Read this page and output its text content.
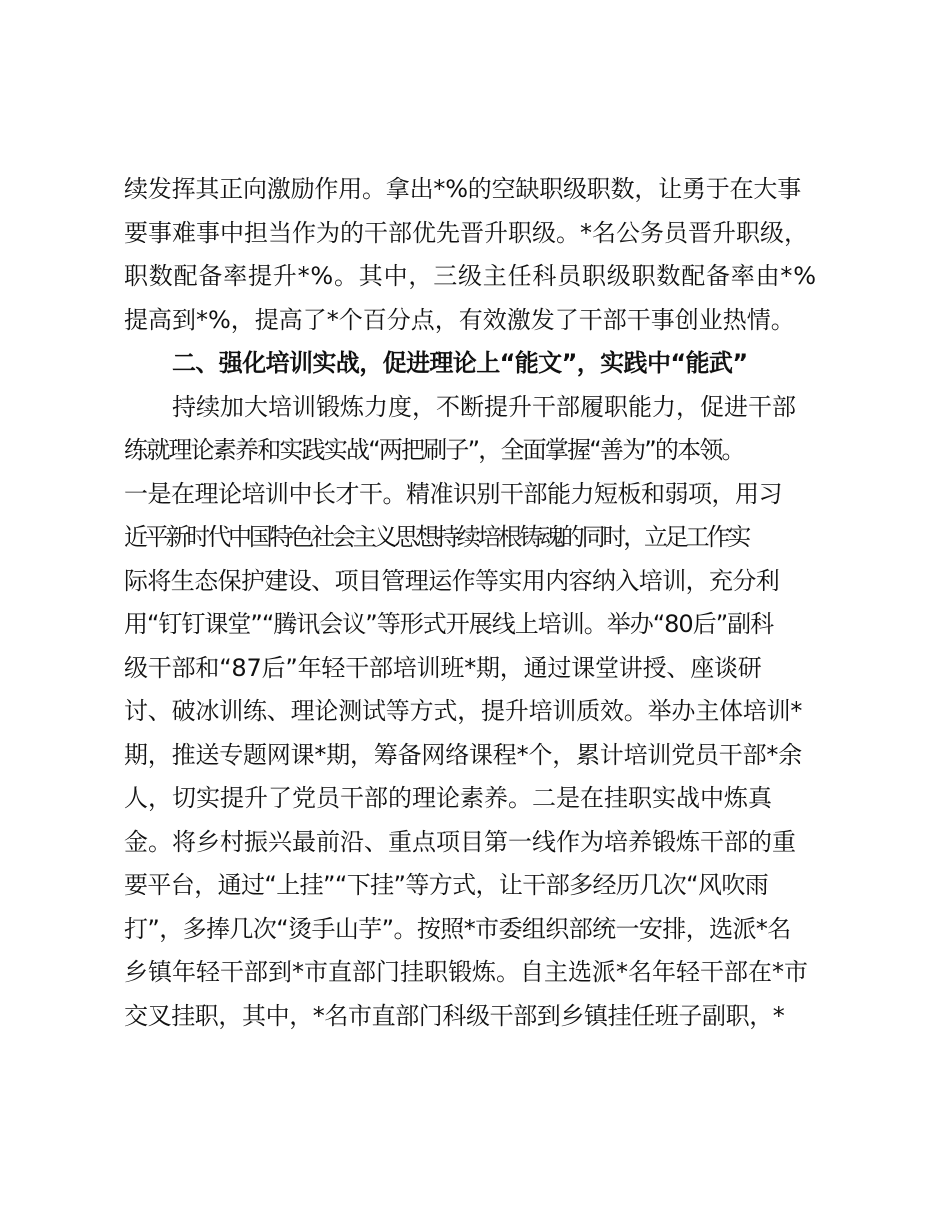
续发挥其正向激励作用。拿出*%的空缺职级职数，让勇于在大事
要事难事中担当作为的干部优先晋升职级。*名公务员晋升职级，
职数配备率提升*%。其中，三级主任科员职级职数配备率由*%
提高到*%，提高了*个百分点，有效激发了干部干事创业热情。
二、强化培训实战，促进理论上“能文”，实践中“能武”
持续加大培训锻炼力度，不断提升干部履职能力，促进干部
练就理论素养和实践实战“两把刷子”，全面掌握“善为”的本领。
一是在理论培训中长才干。精准识别干部能力短板和弱项，用习
近平新时代中国特色社会主义思想持续培根铸魂的同时，立足工作实
际将生态保护建设、项目管理运作等实用内容纳入培训，充分利
用“钉钉课堂”“腾讯会议”等形式开展线上培训。举办“80后”副科
级干部和“87后”年轻干部培训班*期，通过课堂讲授、座谈研
讨、破冰训练、理论测试等方式，提升培训质效。举办主体培训*
期，推送专题网课*期，筹备网络课程*个，累计培训党员干部*余
人，切实提升了党员干部的理论素养。二是在挂职实战中炼真
金。将乡村振兴最前沿、重点项目第一线作为培养锻炼干部的重
要平台，通过“上挂”“下挂”等方式，让干部多经历几次“风吹雨
打”，多捧几次“烫手山芋”。按照*市委组织部统一安排，选派*名
乡镇年轻干部到*市直部门挂职锻炼。自主选派*名年轻干部在*市
交叉挂职，其中，*名市直部门科级干部到乡镇挂任班子副职，*
